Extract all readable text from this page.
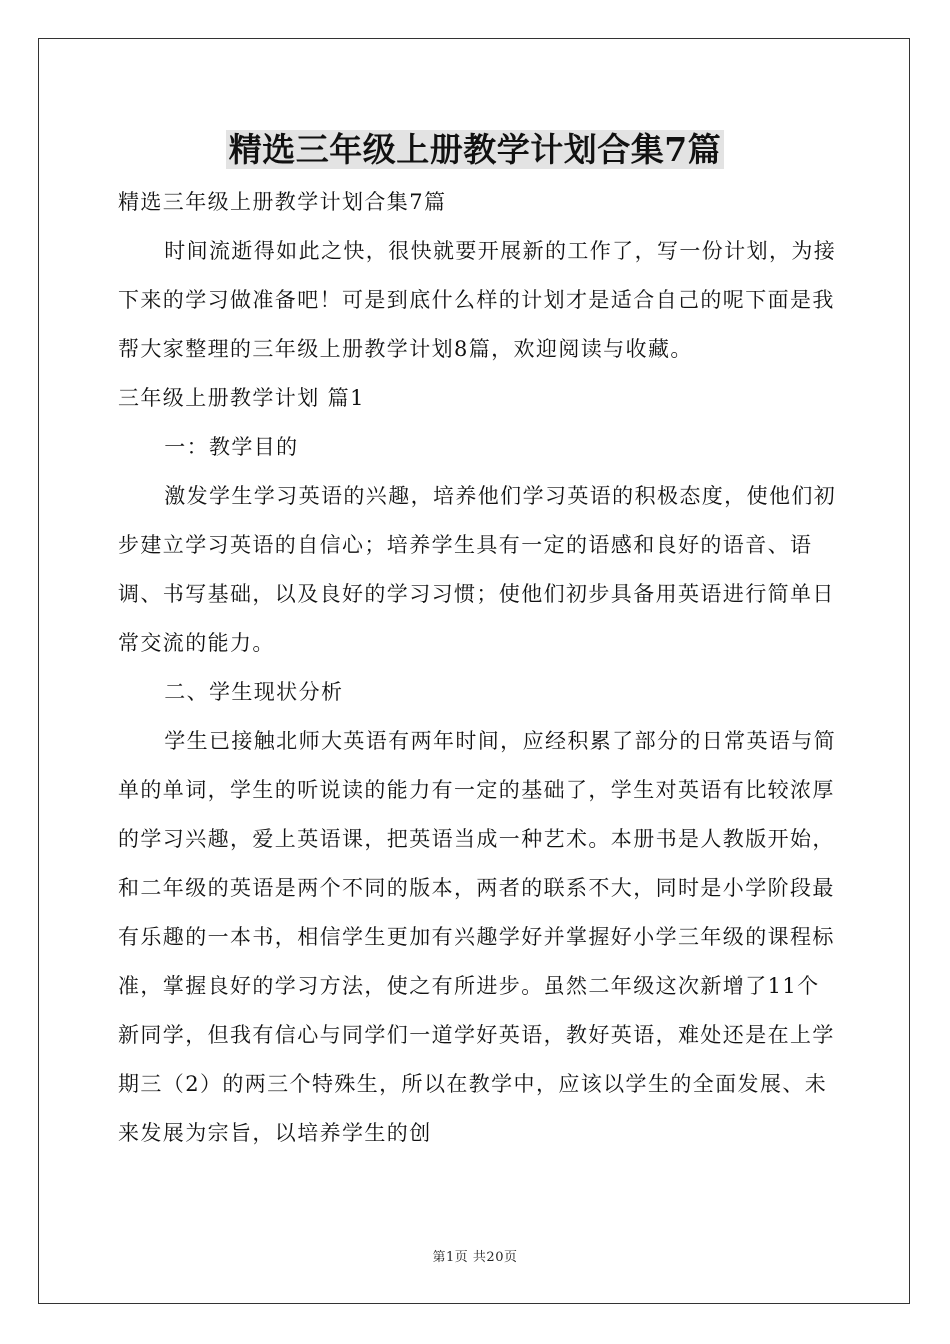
精选三年级上册教学计划合集7篇

精选三年级上册教学计划合集7篇

时间流逝得如此之快，很快就要开展新的工作了，写一份计划，为接下来的学习做准备吧！可是到底什么样的计划才是适合自己的呢下面是我帮大家整理的三年级上册教学计划8篇，欢迎阅读与收藏。

三年级上册教学计划 篇1

一：教学目的

激发学生学习英语的兴趣，培养他们学习英语的积极态度，使他们初步建立学习英语的自信心；培养学生具有一定的语感和良好的语音、语调、书写基础，以及良好的学习习惯；使他们初步具备用英语进行简单日常交流的能力。

二、学生现状分析

学生已接触北师大英语有两年时间，应经积累了部分的日常英语与简单的单词，学生的听说读的能力有一定的基础了，学生对英语有比较浓厚的学习兴趣，爱上英语课，把英语当成一种艺术。本册书是人教版开始，和二年级的英语是两个不同的版本，两者的联系不大，同时是小学阶段最有乐趣的一本书，相信学生更加有兴趣学好并掌握好小学三年级的课程标准，掌握良好的学习方法，使之有所进步。虽然二年级这次新增了11个新同学，但我有信心与同学们一道学好英语，教好英语，难处还是在上学期三（2）的两三个特殊生，所以在教学中，应该以学生的全面发展、未来发展为宗旨，以培养学生的创

第1页 共20页
